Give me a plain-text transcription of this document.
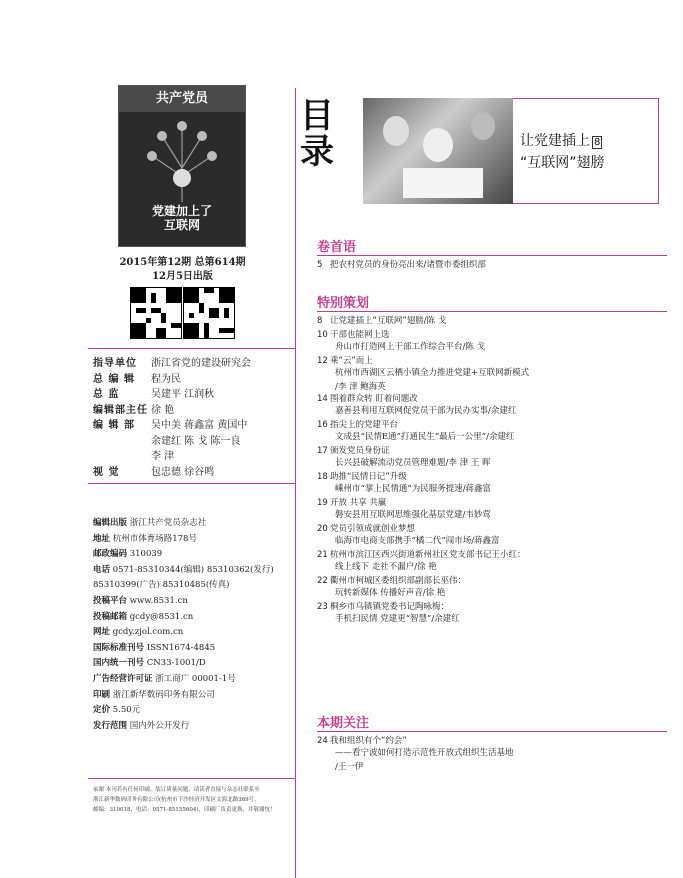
共产党员
党建加上了
互联网
2015年第12期 总第614期
12月5日出版
指导单位 浙江省党的建设研究会
总 编 辑 程为民
总 监	吴建平 江润秋
编辑部主任 徐 艳
编 辑 部 吴中美 蒋鑫富 黄国中
余建红 陈 戈 陈一良
李 津
视 觉	包忠德 徐谷鸣
编辑出版 浙江共产党员杂志社
地址 杭州市体育场路178号
邮政编码 310039
电话 0571-85310344(编辑) 85310362(发行)
85310399(广告) 85310485(传真)
投稿平台 www.8531.cn
投稿邮箱 gcdy@8531.cn
网址 gcdy.zjol.com.cn
国际标准刊号 ISSN1674-4845
国内统一刊号 CN33-1001/D
广告经营许可证 浙工商广 00001-1号
印刷 浙江新华数码印务有限公司
定价 5.50元
发行范围 国内外公开发行
承谢 本刊若有任何印刷、装订质量问题，请读者直接与杂志社联系至
浙江新华数码印务有限公司(杭州市下沙经济开发区文海北路369号，
邮编：310018，电话：0571-85155604)，印刷厂负责更换，并敬谢忱！
目录	让党建插上 8
“互联网”翅膀
卷首语
5 把农村党员的身份亮出来/诸暨市委组织部
特别策划
8 让党建插上“互联网”翅膀/陈 戈
10 干部也能网上选
舟山市打造网上干部工作综合平台/陈 戈
12 乘“云”而上
杭州市西湖区云栖小镇全力推进党建+互联网新模式
/李 津 鲍海英
14 围着群众转 盯着问题改
嘉善县利用互联网促党员干部为民办实事/余建红
16 指尖上的党建平台
文成县“民情E通”打通民生“最后一公里”/余建红
17 颁发党员身份证
长兴县破解流动党员管理难题/李 津 王 晖
18 助推“民情日记”升级
嵊州市“掌上民情通”为民服务提速/蒋鑫富
19 开放 共享 共赢
磐安县用互联网思维强化基层党建/韦妙莺
20 党员引领成就创业梦想
临海市电商支部携手“橘二代”闯市场/蒋鑫富
21 杭州市滨江区西兴街道新州社区党支部书记王小红：
线上线下 走社不漏户/徐 艳
22 衢州市柯城区委组织部副部长巫伟：
玩转新媒体 传播好声音/徐 艳
23 桐乡市乌镇镇党委书记陶咏梅：
手机扫民情 党建更“智慧”/余建红
本期关注
24 我和组织有个“约会”
——看宁波如何打造示范性开放式组织生活基地
/王一伊
